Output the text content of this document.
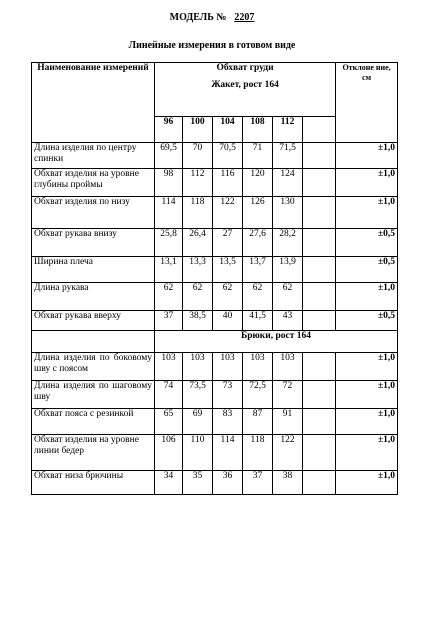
МОДЕЛЬ № 2207
Линейные измерения в готовом виде
Наименование измерений	Обхват груди
Жакет, рост 164						Отклоне ние, см
	96	100	104	108	112		
Длина изделия по центру спинки	69,5	70	70,5	71	71,5		±1,0
Обхват изделия на уровне глубины проймы	98	112	116	120	124		±1,0
Обхват изделия по низу	114	118	122	126	130		±1,0
Обхват рукава внизу	25,8	26,4	27	27,6	28,2		±0,5
Ширина плеча	13,1	13,3	13,5	13,7	13,9		±0,5
Длина рукава	62	62	62	62	62		±1,0
Обхват рукава вверху	37	38,5	40	41,5	43		±0,5
	Брюки, рост 164						
Длина изделия по боковому шву с поясом	103	103	103	103	103		±1,0
Длина изделия по шаговому шву	74	73,5	73	72,5	72		±1,0
Обхват пояса с резинкой	65	69	83	87	91		±1,0
Обхват изделия на уровне линии бедер	106	110	114	118	122		±1,0
Обхват низа брючины	34	35	36	37	38		±1,0
